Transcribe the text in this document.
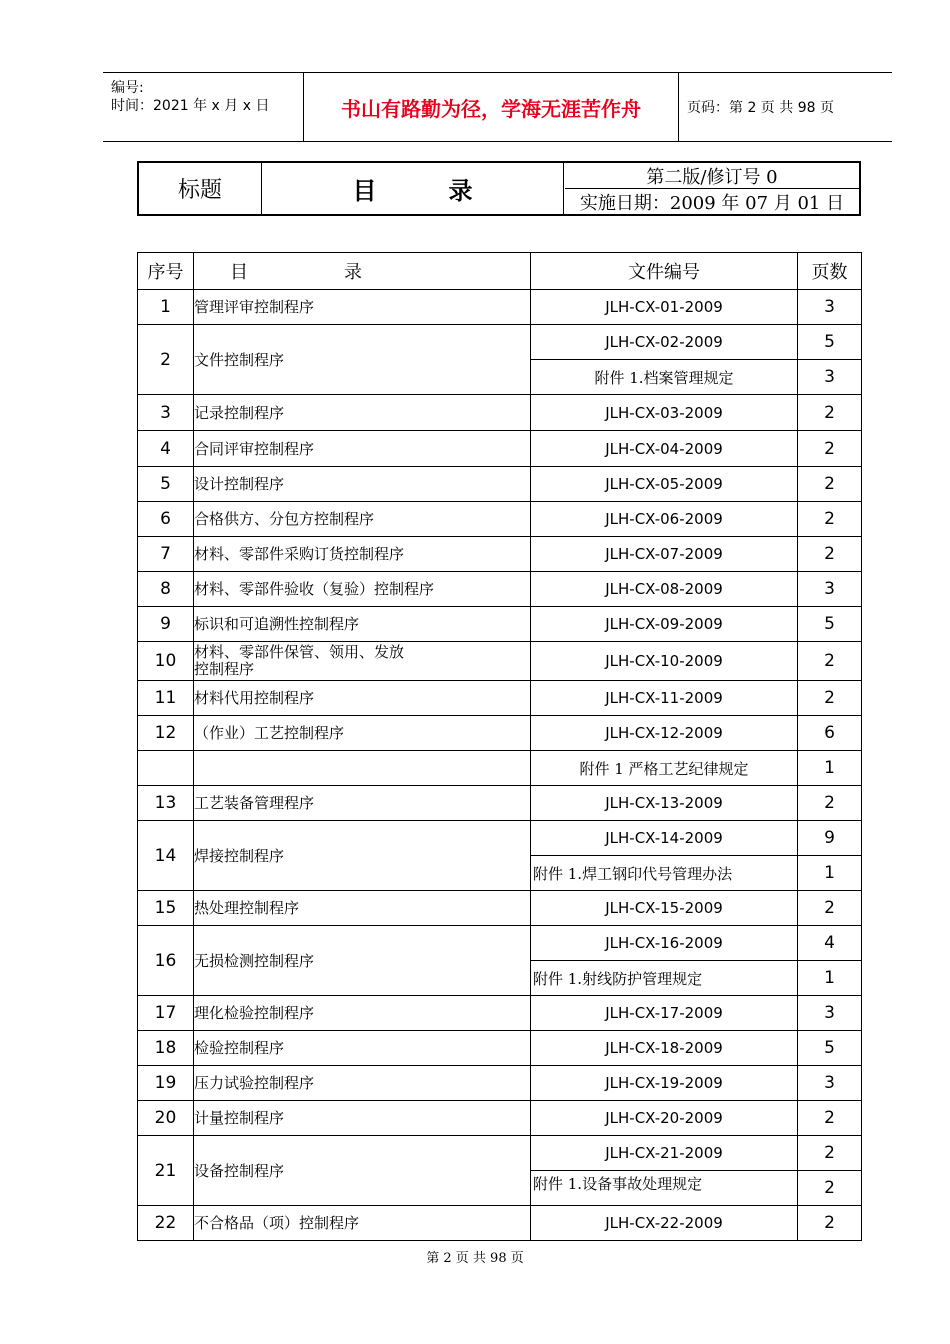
编号:
时间：2021 年 x 月 x 日	书山有路勤为径，学海无涯苦作舟	页码：第 2 页 共 98 页
标题	目录	第二版/修订号 0
实施日期：2009 年 07 月 01 日
序号	目 录	文件编号	页数
1	管理评审控制程序	JLH-CX-01-2009	3
2	文件控制程序	JLH-CX-02-2009	5
		附件 1.档案管理规定	3
3	记录控制程序	JLH-CX-03-2009	2
4	合同评审控制程序	JLH-CX-04-2009	2
5	设计控制程序	JLH-CX-05-2009	2
6	合格供方、分包方控制程序	JLH-CX-06-2009	2
7	材料、零部件采购订货控制程序	JLH-CX-07-2009	2
8	材料、零部件验收（复验）控制程序	JLH-CX-08-2009	3
9	标识和可追溯性控制程序	JLH-CX-09-2009	5
10	材料、零部件保管、领用、发放
控制程序	JLH-CX-10-2009	2
11	材料代用控制程序	JLH-CX-11-2009	2
12	（作业）工艺控制程序	JLH-CX-12-2009	6
		附件 1 严格工艺纪律规定	1
13	工艺装备管理程序	JLH-CX-13-2009	2
14	焊接控制程序	JLH-CX-14-2009	9
		附件 1.焊工钢印代号管理办法	1
15	热处理控制程序	JLH-CX-15-2009	2
16	无损检测控制程序	JLH-CX-16-2009	4
		附件 1.射线防护管理规定	1
17	理化检验控制程序	JLH-CX-17-2009	3
18	检验控制程序	JLH-CX-18-2009	5
19	压力试验控制程序	JLH-CX-19-2009	3
20	计量控制程序	JLH-CX-20-2009	2
21	设备控制程序	JLH-CX-21-2009	2
		附件 1.设备事故处理规定	2
22	不合格品（项）控制程序	JLH-CX-22-2009	2
第 2 页 共 98 页
